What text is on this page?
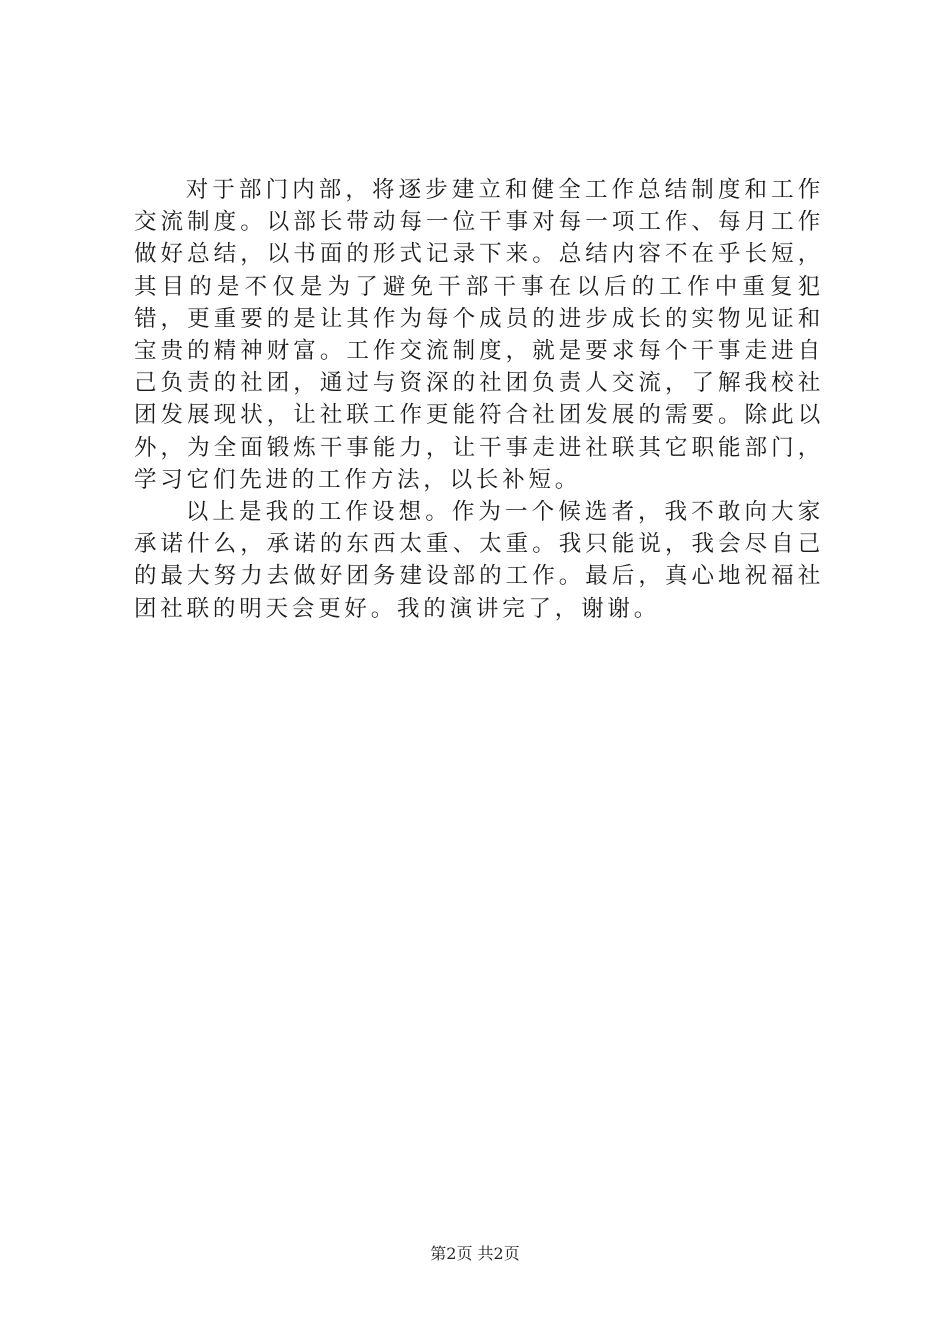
对于部门内部，将逐步建立和健全工作总结制度和工作交流制度。以部长带动每一位干事对每一项工作、每月工作做好总结，以书面的形式记录下来。总结内容不在乎长短，其目的是不仅是为了避免干部干事在以后的工作中重复犯错，更重要的是让其作为每个成员的进步成长的实物见证和宝贵的精神财富。工作交流制度，就是要求每个干事走进自己负责的社团，通过与资深的社团负责人交流，了解我校社团发展现状，让社联工作更能符合社团发展的需要。除此以外，为全面锻炼干事能力，让干事走进社联其它职能部门，学习它们先进的工作方法，以长补短。

以上是我的工作设想。作为一个候选者，我不敢向大家承诺什么，承诺的东西太重、太重。我只能说，我会尽自己的最大努力去做好团务建设部的工作。最后，真心地祝福社团社联的明天会更好。我的演讲完了，谢谢。

第2页 共2页
